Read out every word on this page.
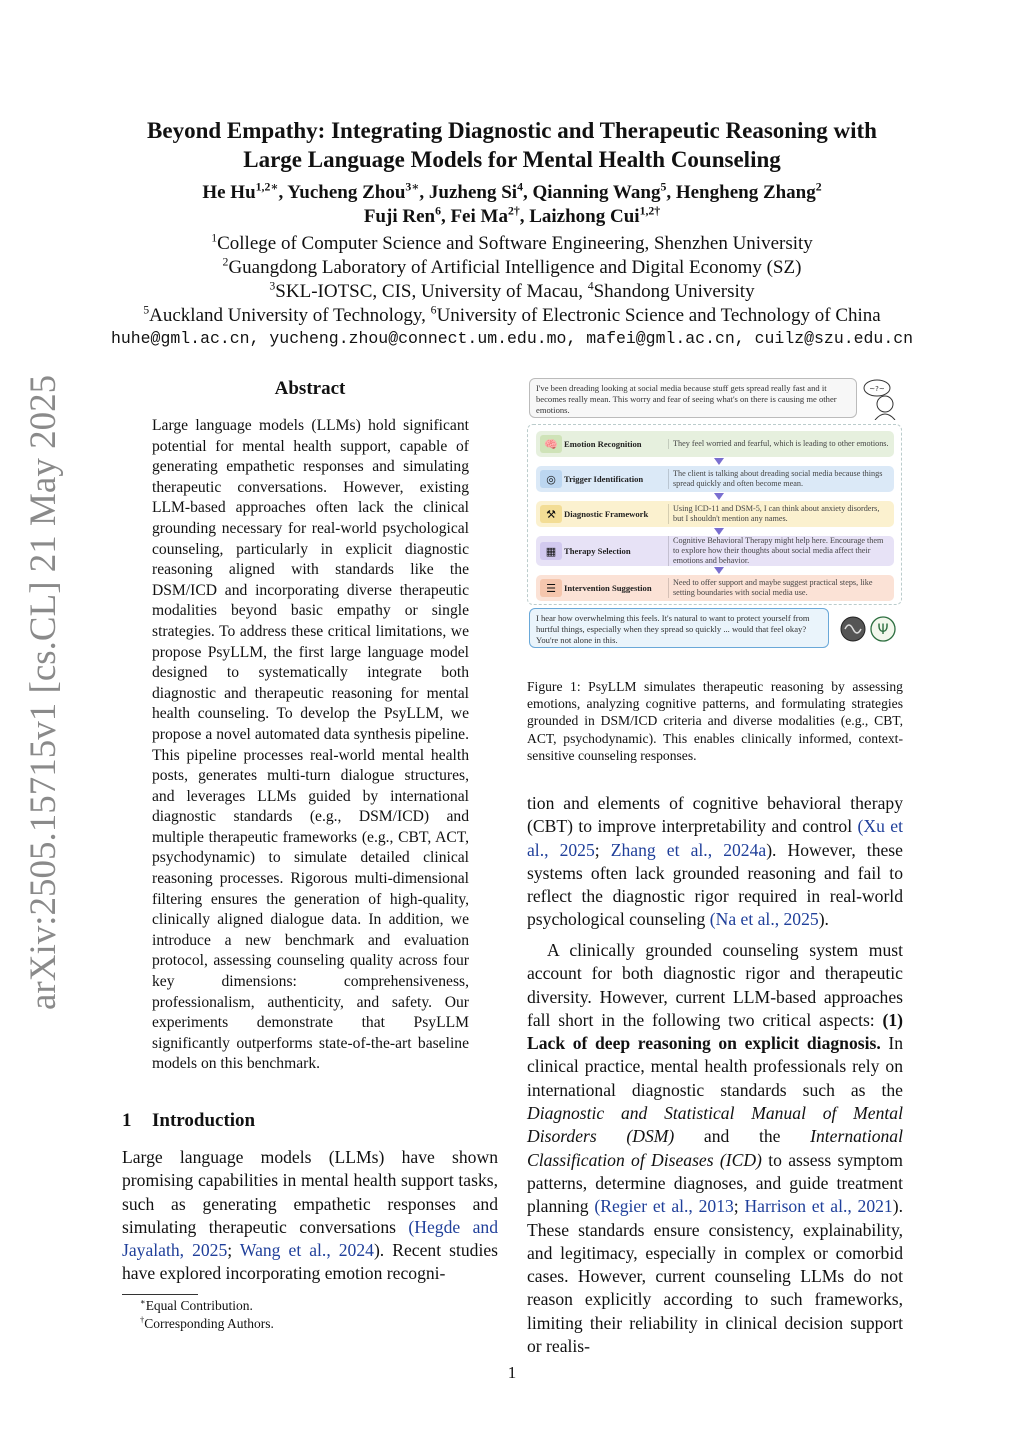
Beyond Empathy: Integrating Diagnostic and Therapeutic Reasoning with
Large Language Models for Mental Health Counseling
He $Hu^{1,2∗}$, Yucheng Zhou$^{3∗}$, Juzheng Si$^4$, Qianning Wang$^5$, Hengheng Zhang$^2$
Fuji Ren$^6$, Fei $Ma^{2\dagger}$, Laizhong Cui$^{1,2\dagger}$
$^1$College of Computer Science and Software Engineering, Shenzhen University
$^2$Guangdong Laboratory of Artificial Intelligence and Digital Economy (SZ)
$^3$SKL-IOTSC, CIS, University of Macau, $^4$Shandong University
$^5$Auckland University of Technology, $^6$University of Electronic Science and Technology of China
huhe@gml.ac.cn, yucheng.zhou@connect.um.edu.mo, mafei@gml.ac.cn, cuilz@szu.edu.cn
arXiv:2505.15715v1 [cs.CL] 21 May 2025	Abstract
Large language models (LLMs) hold significant potential for mental health support, capable of generating empathetic responses and simulating therapeutic conversations. However, existing LLM-based approaches often lack the clinical grounding necessary for real-world psychological counseling, particularly in explicit diagnostic reasoning aligned with standards like the DSM/ICD and incorporating diverse therapeutic modalities beyond basic empathy or single strategies. To address these critical limitations, we propose PsyLLM, the first large language model designed to systematically integrate both diagnostic and therapeutic reasoning for mental health counseling. To develop the PsyLLM, we propose a novel automated data synthesis pipeline. This pipeline processes real-world mental health posts, generates multi-turn dialogue structures, and leverages LLMs guided by international diagnostic standards (e.g., DSM/ICD) and multiple therapeutic frameworks (e.g., CBT, ACT, psychodynamic) to simulate detailed clinical reasoning processes. Rigorous multi-dimensional filtering ensures the generation of high-quality, clinically aligned dialogue data. In addition, we introduce a new benchmark and evaluation protocol, assessing counseling quality across four key dimensions: comprehensiveness, professionalism, authenticity, and safety. Our experiments demonstrate that PsyLLM significantly outperforms state-of-the-art baseline models on this benchmark.
1 Introduction
Large language models (LLMs) have shown promising capabilities in mental health support tasks, such as generating empathetic responses and simulating therapeutic conversations (Hegde and Jayalath, 2025; Wang et al., 2024). Recent studies have explored incorporating emotion recogni-
∗Equal Contribution.
†Corresponding Authors.
I've been dreading looking at social media because stuff gets spread really fast and it becomes really mean. This worry and fear of seeing what's on there is causing me other emotions.
~?~
🧠 Emotion Recognition	They feel worried and fearful, which is leading to other emotions.
◎ Trigger Identification
The client is talking about dreading social media because things spread quickly and often become mean.
⚒ Diagnostic Framework
Using ICD-11 and DSM-5, I can think about anxiety disorders, but I shouldn't mention any names.
▦ Therapy Selection
Cognitive Behavioral Therapy might help here. Encourage them to explore how their thoughts about social media affect their emotions and behavior.
☰ Intervention Suggestion
Need to offer support and maybe suggest practical steps, like setting boundaries with social media use.
I hear how overwhelming this feels. It's natural to want to protect yourself from hurtful things, especially when they spread so quickly ... would that feel okay? You're not alone in this.
Ψ
Figure 1: PsyLLM simulates therapeutic reasoning by assessing emotions, analyzing cognitive patterns, and formulating strategies grounded in DSM/ICD criteria and diverse modalities (e.g., CBT, ACT, psychodynamic). This enables clinically informed, context-sensitive counseling responses.
tion and elements of cognitive behavioral therapy (CBT) to improve interpretability and control (Xu et al., 2025; Zhang et al., 2024a). However, these systems often lack grounded reasoning and fail to reflect the diagnostic rigor required in real-world psychological counseling (Na et al., 2025).
A clinically grounded counseling system must account for both diagnostic rigor and therapeutic diversity. However, current LLM-based approaches fall short in the following two critical aspects: (1) Lack of deep reasoning on explicit diagnosis. In clinical practice, mental health professionals rely on international diagnostic standards such as the Diagnostic and Statistical Manual of Mental Disorders (DSM) and the International Classification of Diseases (ICD) to assess symptom patterns, determine diagnoses, and guide treatment planning (Regier et al., 2013; Harrison et al., 2021). These standards ensure consistency, explainability, and legitimacy, especially in complex or comorbid cases. However, current counseling LLMs do not reason explicitly according to such frameworks, limiting their reliability in clinical decision support or realis-
1
